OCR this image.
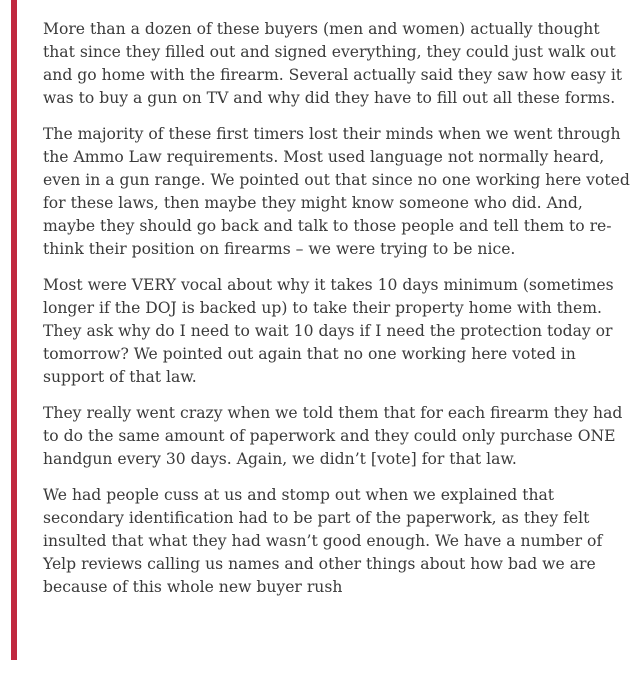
More than a dozen of these buyers (men and women) actually thought that since they filled out and signed everything, they could just walk out and go home with the firearm. Several actually said they saw how easy it was to buy a gun on TV and why did they have to fill out all these forms.

The majority of these first timers lost their minds when we went through the Ammo Law requirements. Most used language not normally heard, even in a gun range. We pointed out that since no one working here voted for these laws, then maybe they might know someone who did. And, maybe they should go back and talk to those people and tell them to re-think their position on firearms – we were trying to be nice.

Most were VERY vocal about why it takes 10 days minimum (sometimes longer if the DOJ is backed up) to take their property home with them. They ask why do I need to wait 10 days if I need the protection today or tomorrow? We pointed out again that no one working here voted in support of that law.

They really went crazy when we told them that for each firearm they had to do the same amount of paperwork and they could only purchase ONE handgun every 30 days. Again, we didn’t [vote] for that law.

We had people cuss at us and stomp out when we explained that secondary identification had to be part of the paperwork, as they felt insulted that what they had wasn’t good enough. We have a number of Yelp reviews calling us names and other things about how bad we are because of this whole new buyer rush
